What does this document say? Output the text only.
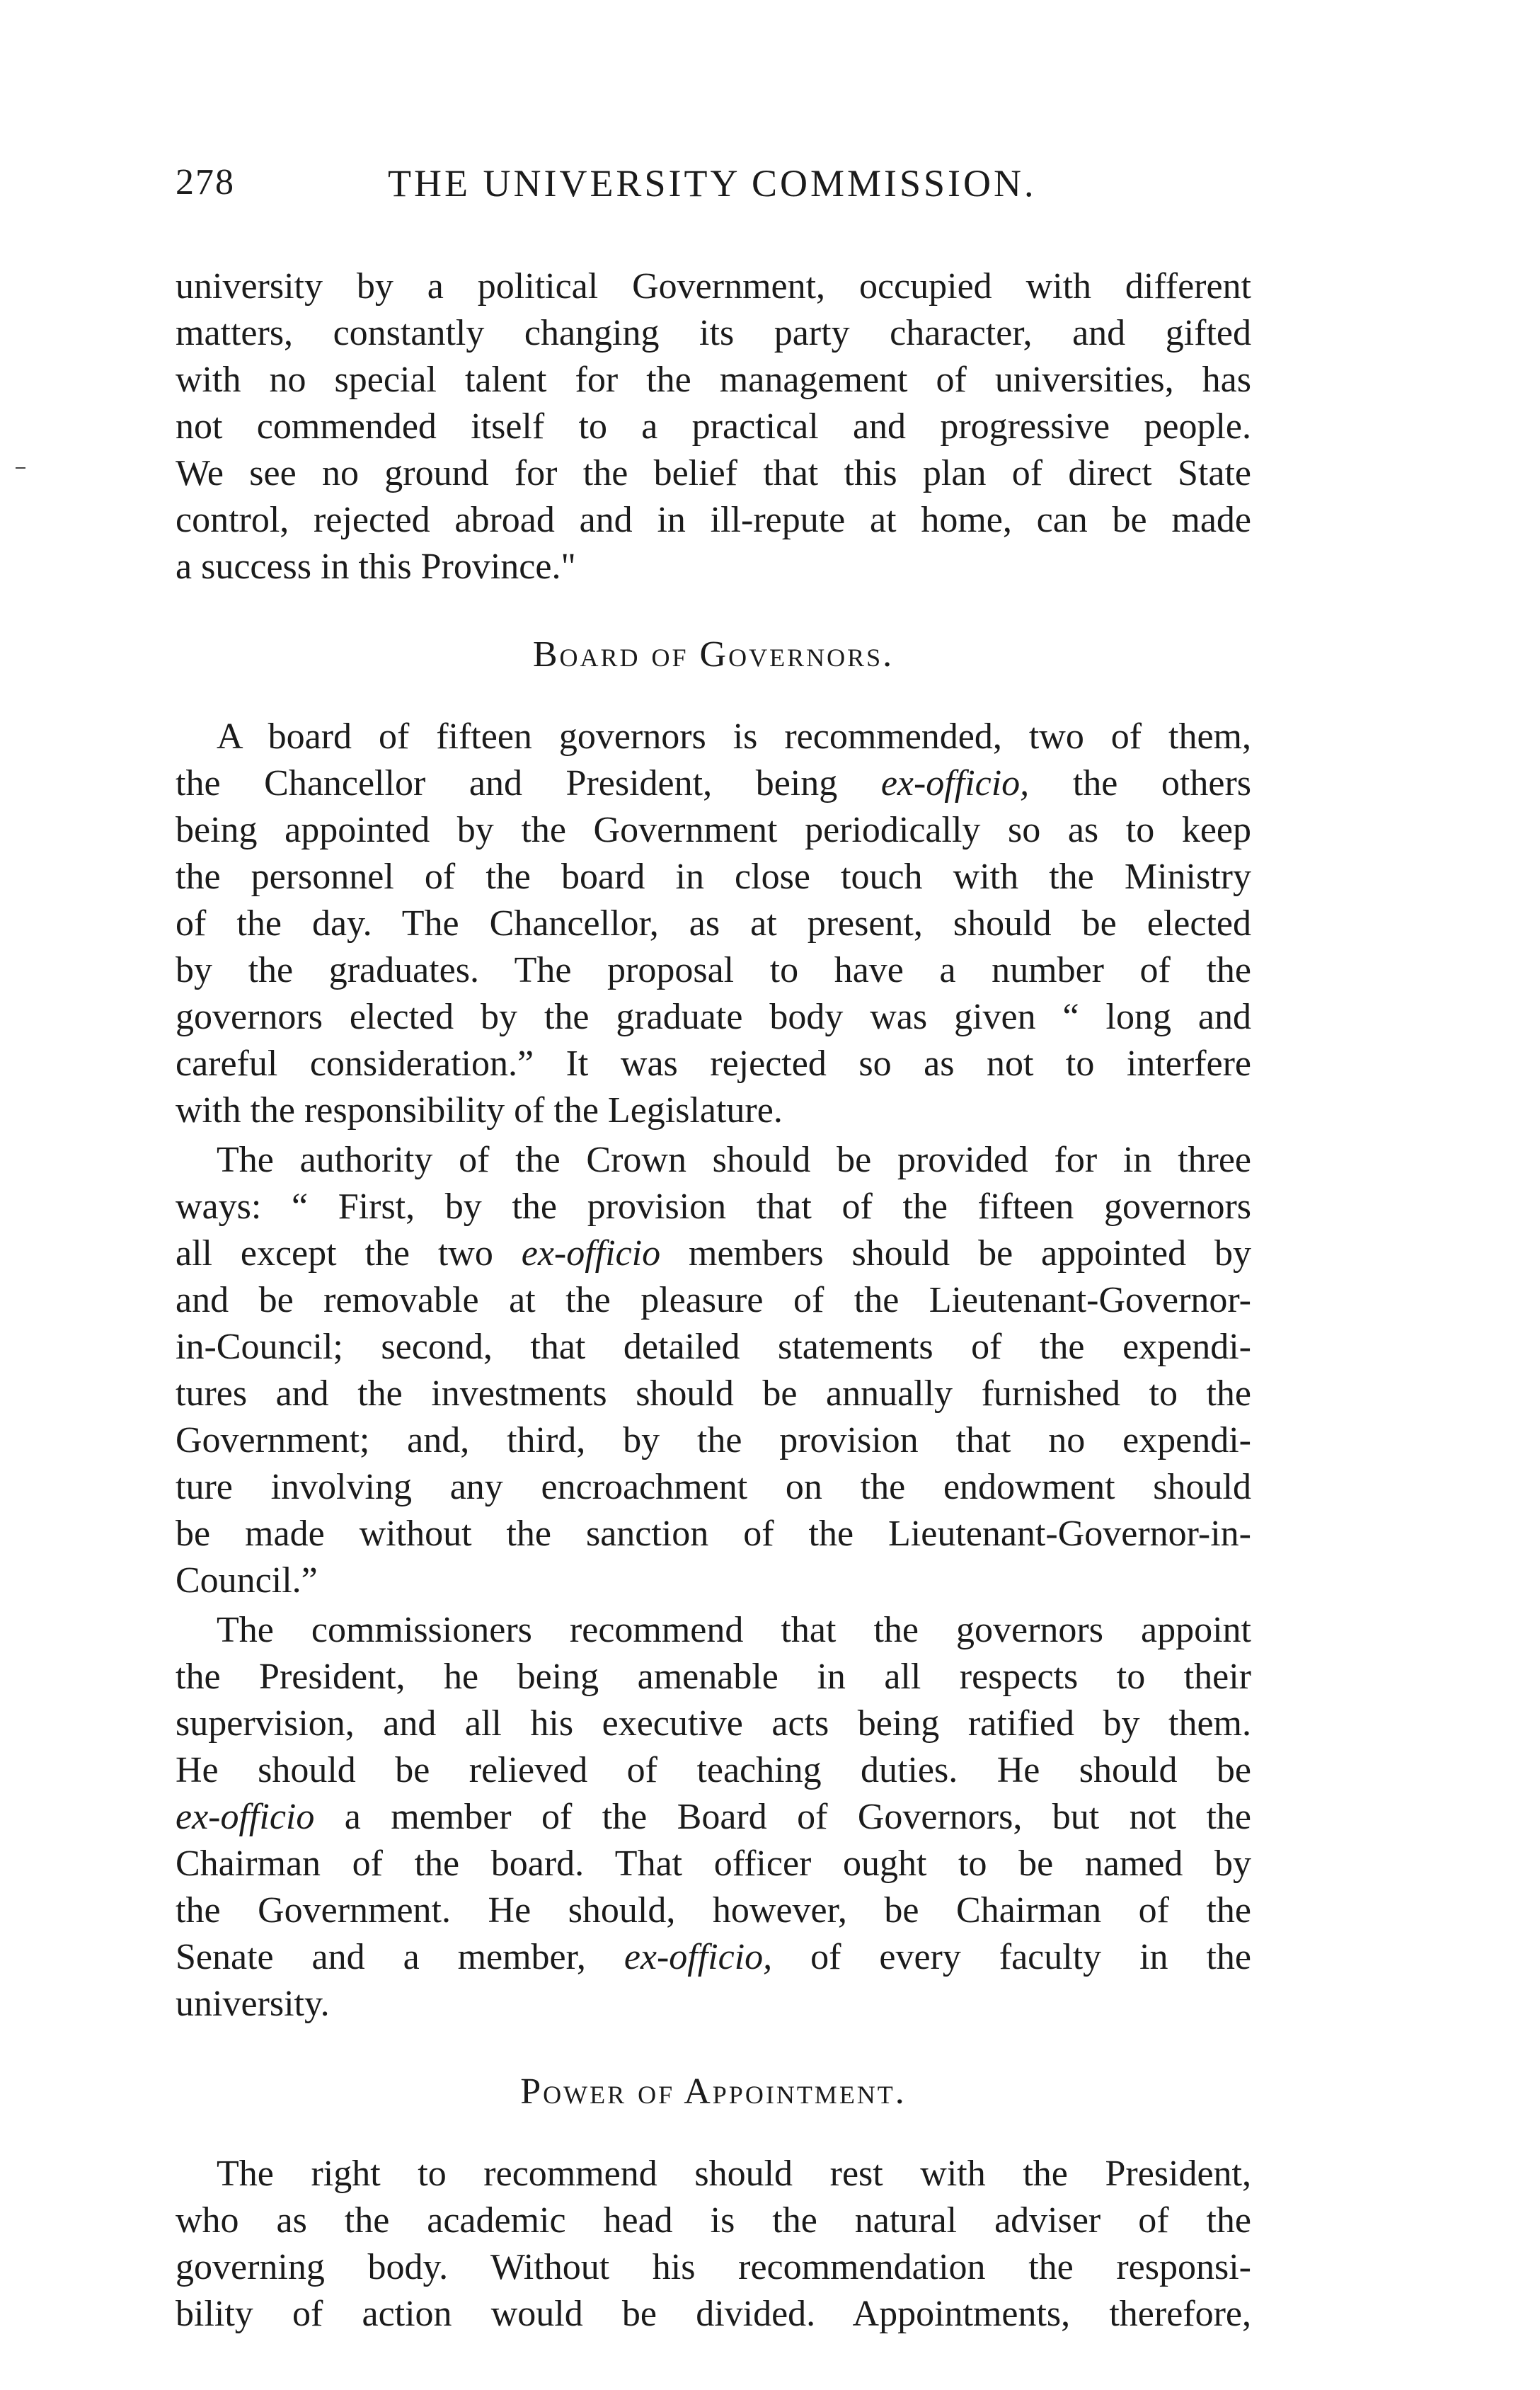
278	THE UNIVERSITY COMMISSION.
university by a political Government, occupied with different
matters, constantly changing its party character, and gifted
with no special talent for the management of universities, has
not commended itself to a practical and progressive people.
We see no ground for the belief that this plan of direct State
control, rejected abroad and in ill-repute at home, can be made
a success in this Province."
Board of Governors.
A board of fifteen governors is recommended, two of them,
the Chancellor and President, being ex-officio, the others
being appointed by the Government periodically so as to keep
the personnel of the board in close touch with the Ministry
of the day. The Chancellor, as at present, should be elected
by the graduates. The proposal to have a number of the
governors elected by the graduate body was given “ long and
careful consideration.” It was rejected so as not to interfere
with the responsibility of the Legislature.
The authority of the Crown should be provided for in three
ways: “ First, by the provision that of the fifteen governors
all except the two ex-officio members should be appointed by
and be removable at the pleasure of the Lieutenant-Governor-
in-Council; second, that detailed statements of the expendi-
tures and the investments should be annually furnished to the
Government; and, third, by the provision that no expendi-
ture involving any encroachment on the endowment should
be made without the sanction of the Lieutenant-Governor-in-
Council.”
The commissioners recommend that the governors appoint
the President, he being amenable in all respects to their
supervision, and all his executive acts being ratified by them.
He should be relieved of teaching duties. He should be
ex-officio a member of the Board of Governors, but not the
Chairman of the board. That officer ought to be named by
the Government. He should, however, be Chairman of the
Senate and a member, ex-officio, of every faculty in the
university.
Power of Appointment.
The right to recommend should rest with the President,
who as the academic head is the natural adviser of the
governing body. Without his recommendation the responsi-
bility of action would be divided. Appointments, therefore,
